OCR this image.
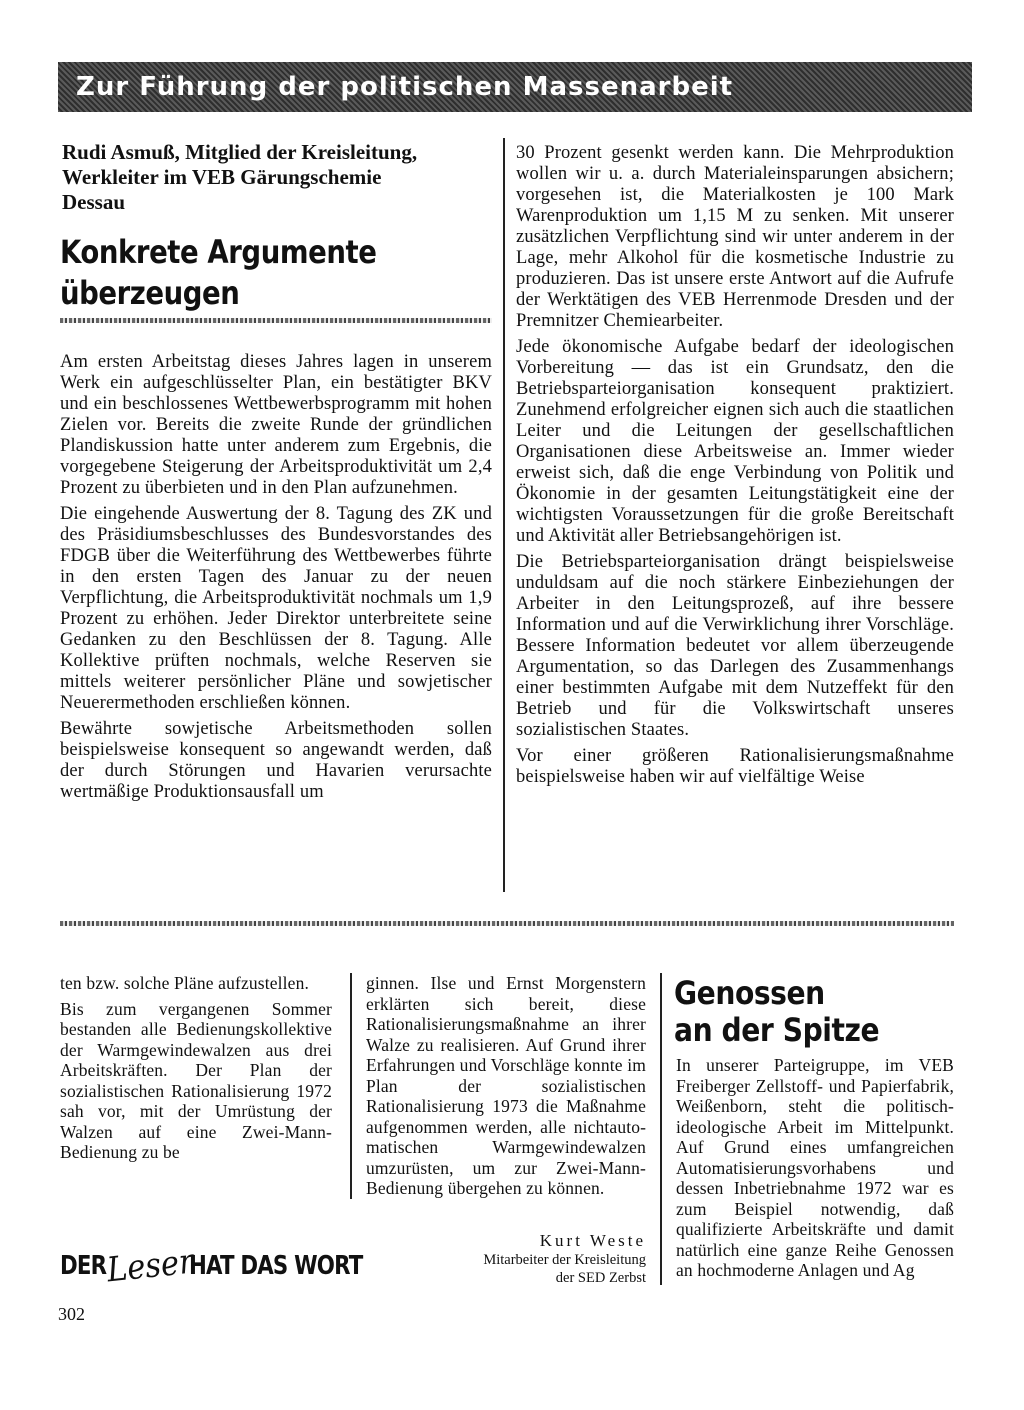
Zur Führung der politischen Massenarbeit
Rudi Asmuß, Mitglied der Kreisleitung,
Werkleiter im VEB Gärungschemie
Dessau
Konkrete Argumente
überzeugen

Am ersten Arbeitstag dieses Jahres lagen in unserem Werk ein aufgeschlüsselter Plan, ein bestätigter BKV und ein beschlossenes Wettbewerbsprogramm mit hohen Zielen vor. Bereits die zweite Runde der gründlichen Plandiskussion hatte unter anderem zum Ergebnis, die vorgegebene Steigerung der Arbeitsproduktivität um 2,4 Prozent zu überbieten und in den Plan aufzunehmen.

Die eingehende Auswertung der 8. Tagung des ZK und des Präsidiumsbeschlusses des Bundesvorstandes des FDGB über die Weiterführung des Wettbewerbes führte in den ersten Tagen des Januar zu der neuen Verpflichtung, die Arbeitsproduktivität nochmals um 1,9 Prozent zu erhöhen. Jeder Direktor unterbreitete seine Gedanken zu den Beschlüssen der 8. Tagung. Alle Kollektive prüften nochmals, welche Reserven sie mittels weiterer persönlicher Pläne und sowjetischer Neuerermethoden erschließen können.

Bewährte sowjetische Arbeitsmethoden sollen beispielsweise konsequent so angewandt werden, daß der durch Störungen und Havarien verursachte wertmäßige Produktionsausfall um

30 Prozent gesenkt werden kann. Die Mehrproduktion wollen wir u. a. durch Materialeinsparungen absichern; vorgesehen ist, die Materialkosten je 100 Mark Warenproduktion um 1,15 M zu senken. Mit unserer zusätzlichen Verpflichtung sind wir unter anderem in der Lage, mehr Alkohol für die kosmetische Industrie zu produzieren. Das ist unsere erste Antwort auf die Aufrufe der Werktätigen des VEB Herrenmode Dresden und der Premnitzer Chemiearbeiter.

Jede ökonomische Aufgabe bedarf der ideologischen Vorbereitung — das ist ein Grundsatz, den die Betriebsparteiorganisation konsequent praktiziert. Zunehmend erfolgreicher eignen sich auch die staatlichen Leiter und die Leitungen der gesellschaftlichen Organisationen diese Arbeitsweise an. Immer wieder erweist sich, daß die enge Verbindung von Politik und Ökonomie in der gesamten Leitungstätigkeit eine der wichtigsten Voraussetzungen für die große Bereitschaft und Aktivität aller Betriebsangehörigen ist.

Die Betriebsparteiorganisation drängt beispielsweise unduldsam auf die noch stärkere Einbeziehungen der Arbeiter in den Leitungsprozeß, auf ihre bessere Information und auf die Verwirklichung ihrer Vorschläge. Bessere Information bedeutet vor allem überzeugende Argumentation, so das Darlegen des Zusammenhangs einer bestimmten Aufgabe mit dem Nutzeffekt für den Betrieb und für die Volkswirtschaft unseres sozialistischen Staates.

Vor einer größeren Rationalisierungsmaßnahme beispielsweise haben wir auf vielfältige Weise

ten bzw. solche Pläne aufzustellen.

Bis zum vergangenen Sommer bestanden alle Bedienungskollektive der Warmgewindewalzen aus drei Arbeitskräften. Der Plan der sozialistischen Rationalisierung 1972 sah vor, mit der Umrüstung der Walzen auf eine Zwei-Mann-Bedienung zu be

ginnen. Ilse und Ernst Morgenstern erklärten sich bereit, diese Rationalisierungsmaßnahme an ihrer Walze zu realisieren. Auf Grund ihrer Erfahrungen und Vorschläge konnte im Plan der sozialistischen Rationalisierung 1973 die Maßnahme aufgenommen werden, alle nichtautomatischen Warmgewindewalzen umzurüsten, um zur Zwei-Mann-Bedienung übergehen zu können.

Kurt Weste
Mitarbeiter der Kreisleitung
der SED Zerbst
DER Leser
HAT DAS WORT
Genossen
an der Spitze

In unserer Parteigruppe, im VEB Freiberger Zellstoff- und Papierfabrik, Weißenborn, steht die politisch-ideologische Arbeit im Mittelpunkt. Auf Grund eines umfangreichen Automatisierungsvorhabens und dessen Inbetriebnahme 1972 war es zum Beispiel notwendig, daß qualifizierte Arbeitskräfte und damit natürlich eine ganze Reihe Genossen an hochmoderne Anlagen und Ag

302
